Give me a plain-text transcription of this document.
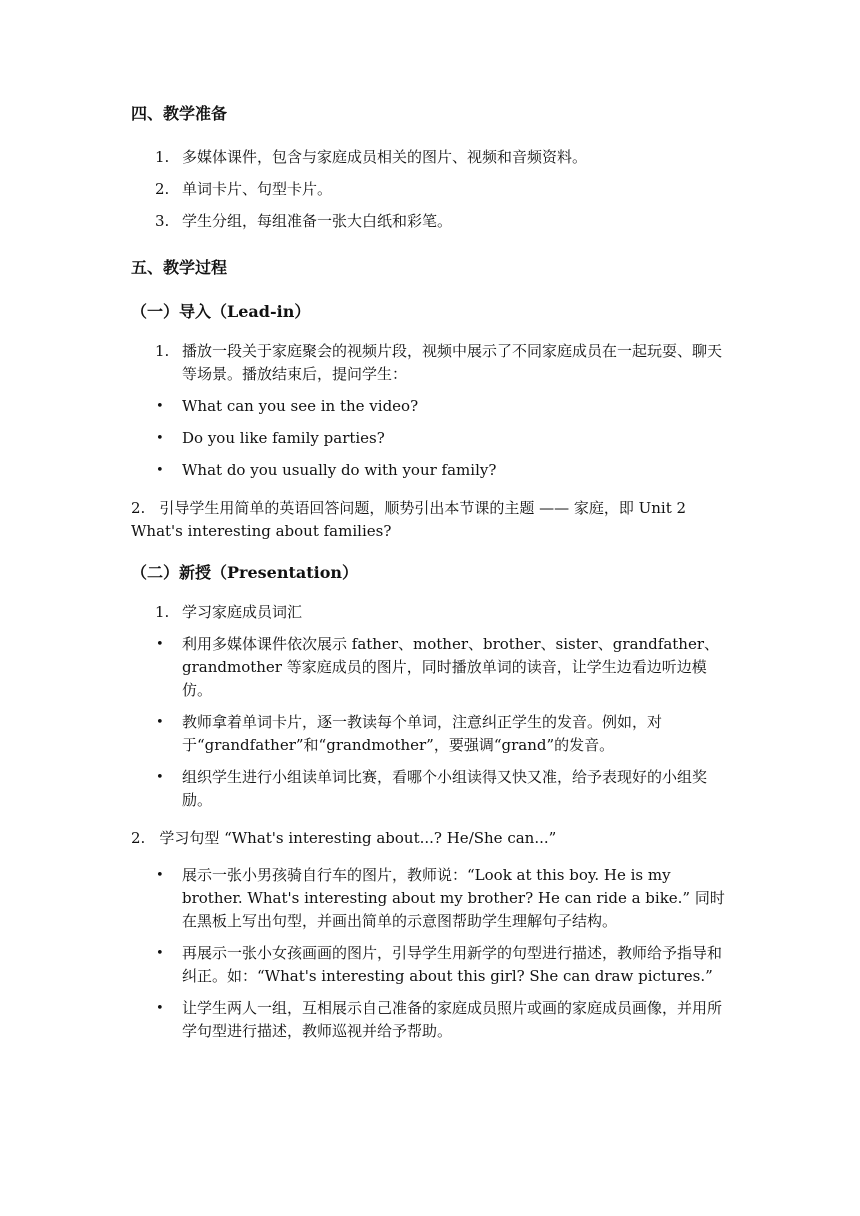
四、教学准备
1. 多媒体课件，包含与家庭成员相关的图片、视频和音频资料。
2. 单词卡片、句型卡片。
3. 学生分组，每组准备一张大白纸和彩笔。
五、教学过程
（一）导入（Lead-in）
1. 播放一段关于家庭聚会的视频片段，视频中展示了不同家庭成员在一起玩耍、聊天等场景。播放结束后，提问学生：
• What can you see in the video?
• Do you like family parties?
• What do you usually do with your family?

2. 引导学生用简单的英语回答问题，顺势引出本节课的主题 —— 家庭，即 Unit 2 What's interesting about families?

（二）新授（Presentation）
1. 学习家庭成员词汇
• 利用多媒体课件依次展示 father、mother、brother、sister、grandfather、grandmother 等家庭成员的图片，同时播放单词的读音，让学生边看边听边模仿。
• 教师拿着单词卡片，逐一教读每个单词，注意纠正学生的发音。例如，对于“grandfather”和“grandmother”，要强调“grand”的发音。
• 组织学生进行小组读单词比赛，看哪个小组读得又快又准，给予表现好的小组奖励。

2. 学习句型 “What's interesting about...? He/She can...”

• 展示一张小男孩骑自行车的图片，教师说：“Look at this boy. He is my brother. What's interesting about my brother? He can ride a bike.” 同时在黑板上写出句型，并画出简单的示意图帮助学生理解句子结构。
• 再展示一张小女孩画画的图片，引导学生用新学的句型进行描述，教师给予指导和纠正。如：“What's interesting about this girl? She can draw pictures.”
• 让学生两人一组，互相展示自己准备的家庭成员照片或画的家庭成员画像，并用所学句型进行描述，教师巡视并给予帮助。
